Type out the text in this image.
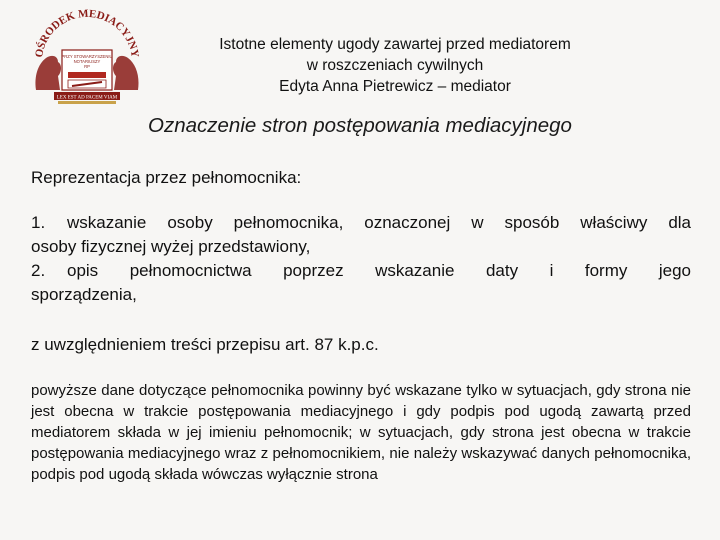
OŚRODEK MEDIACYJNY
PRZY STOWARZYSZENIU
NOTARIUSZY
RP
LEX EST AD PACEM VIAM
Istotne elementy ugody zawartej przed mediatorem
w roszczeniach cywilnych
Edyta Anna Pietrewicz – mediator
Oznaczenie stron postępowania mediacyjnego
Reprezentacja przez pełnomocnika:
1.	wskazanie osoby pełnomocnika, oznaczonej w sposób właściwy dla
osoby fizycznej wyżej przedstawiony,
2.	opis pełnomocnictwa poprzez wskazanie daty i formy jego
sporządzenia,
z uwzględnieniem treści przepisu art. 87 k.p.c.
powyższe dane dotyczące pełnomocnika powinny być wskazane tylko w sytuacjach, gdy strona nie jest obecna w trakcie postępowania mediacyjnego i gdy podpis pod ugodą zawartą przed mediatorem składa w jej imieniu pełnomocnik; w sytuacjach, gdy strona jest obecna w trakcie postępowania mediacyjnego wraz z pełnomocnikiem, nie należy wskazywać danych pełnomocnika, podpis pod ugodą składa wówczas wyłącznie strona
